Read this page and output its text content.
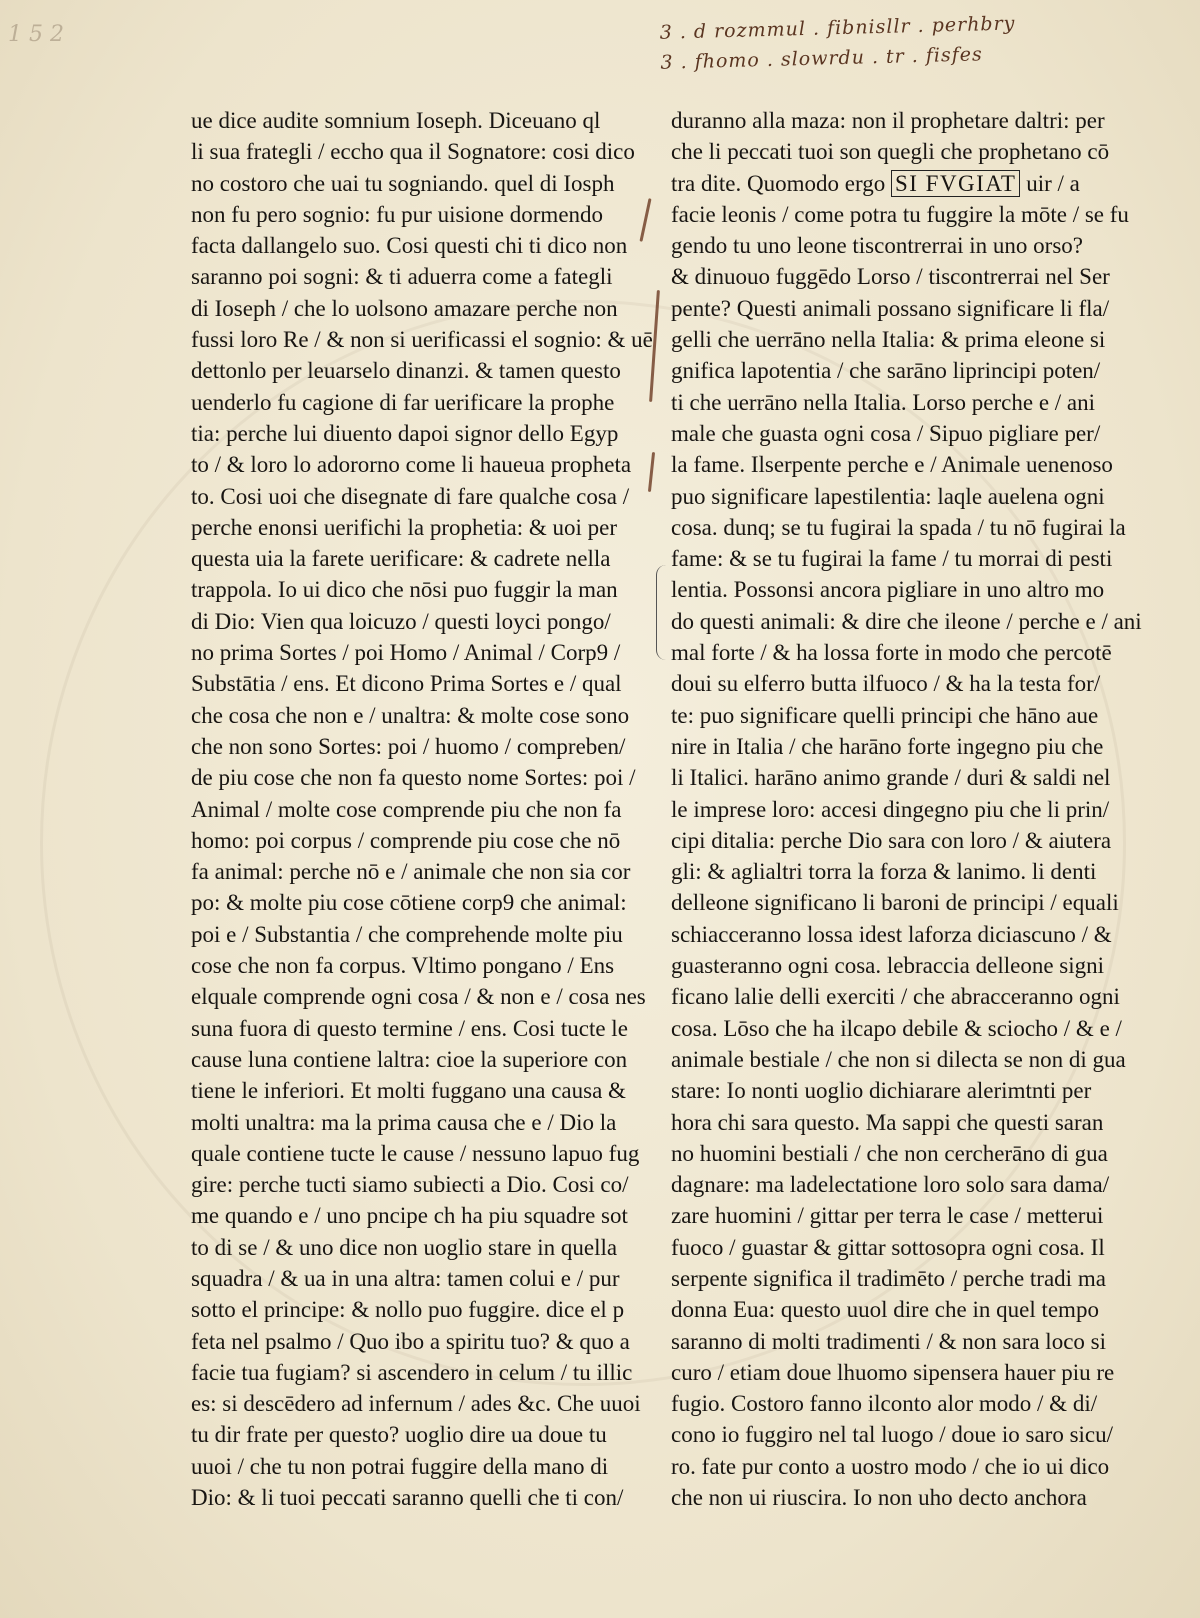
1 5 2	3 . d rozmmul . fibnisllr . perhbry
3 . fhomo . slowrdu . tr . fisfes
ue dice audite somnium Ioseph. Diceuano ql
li sua frategli / eccho qua il Sognatore: cosi dico
no costoro che uai tu sogniando. quel di Iosph
non fu pero sognio: fu pur uisione dormendo
facta dallangelo suo. Cosi questi chi ti dico non
saranno poi sogni: & ti aduerra come a fategli
di Ioseph / che lo uolsono amazare perche non
fussi loro Re / & non si uerificassi el sognio: & uē
dettonlo per leuarselo dinanzi. & tamen questo
uenderlo fu cagione di far uerificare la prophe
tia: perche lui diuento dapoi signor dello Egyp
to / & loro lo adororno come li haueua propheta
to. Cosi uoi che disegnate di fare qualche cosa /
perche enonsi uerifichi la prophetia: & uoi per
questa uia la farete uerificare: & cadrete nella
trappola. Io ui dico che nōsi puo fuggir la man
di Dio: Vien qua loicuzo / questi loyci pongo/
no prima Sortes / poi Homo / Animal / Corp9 /
Substātia / ens. Et dicono Prima Sortes e / qual
che cosa che non e / unaltra: & molte cose sono
che non sono Sortes: poi / huomo / compreben/
de piu cose che non fa questo nome Sortes: poi /
Animal / molte cose comprende piu che non fa
homo: poi corpus / comprende piu cose che nō
fa animal: perche nō e / animale che non sia cor
po: & molte piu cose cōtiene corp9 che animal:
poi e / Substantia / che comprehende molte piu
cose che non fa corpus. Vltimo pongano / Ens
elquale comprende ogni cosa / & non e / cosa nes
suna fuora di questo termine / ens. Cosi tucte le
cause luna contiene laltra: cioe la superiore con
tiene le inferiori. Et molti fuggano una causa &
molti unaltra: ma la prima causa che e / Dio la
quale contiene tucte le cause / nessuno lapuo fug
gire: perche tucti siamo subiecti a Dio. Cosi co/
me quando e / uno pncipe ch ha piu squadre sot
to di se / & uno dice non uoglio stare in quella
squadra / & ua in una altra: tamen colui e / pur
sotto el principe: & nollo puo fuggire. dice el p
feta nel psalmo / Quo ibo a spiritu tuo? & quo a
facie tua fugiam? si ascendero in celum / tu illic
es: si descēdero ad infernum / ades &c. Che uuoi
tu dir frate per questo? uoglio dire ua doue tu
uuoi / che tu non potrai fuggire della mano di
Dio: & li tuoi peccati saranno quelli che ti con/
duranno alla maza: non il prophetare daltri: per
che li peccati tuoi son quegli che prophetano cō
tra dite. Quomodo ergo SI FVGIAT uir / a
facie leonis / come potra tu fuggire la mōte / se fu
gendo tu uno leone tiscontrerrai in uno orso?
& dinuouo fuggēdo Lorso / tiscontrerrai nel Ser
pente? Questi animali possano significare li fla/
gelli che uerrāno nella Italia: & prima eleone si
gnifica lapotentia / che sarāno liprincipi poten/
ti che uerrāno nella Italia. Lorso perche e / ani
male che guasta ogni cosa / Sipuo pigliare per/
la fame. Ilserpente perche e / Animale uenenoso
puo significare lapestilentia: laqle auelena ogni
cosa. dunq; se tu fugirai la spada / tu nō fugirai la
fame: & se tu fugirai la fame / tu morrai di pesti
lentia. Possonsi ancora pigliare in uno altro mo
do questi animali: & dire che ileone / perche e / ani
mal forte / & ha lossa forte in modo che percotē
doui su elferro butta ilfuoco / & ha la testa for/
te: puo significare quelli principi che hāno aue
nire in Italia / che harāno forte ingegno piu che
li Italici. harāno animo grande / duri & saldi nel
le imprese loro: accesi dingegno piu che li prin/
cipi ditalia: perche Dio sara con loro / & aiutera
gli: & aglialtri torra la forza & lanimo. li denti
delleone significano li baroni de principi / equali
schiacceranno lossa idest laforza diciascuno / &
guasteranno ogni cosa. lebraccia delleone signi
ficano lalie delli exerciti / che abracceranno ogni
cosa. Lōso che ha ilcapo debile & sciocho / & e /
animale bestiale / che non si dilecta se non di gua
stare: Io nonti uoglio dichiarare alerimtnti per
hora chi sara questo. Ma sappi che questi saran
no huomini bestiali / che non cercherāno di gua
dagnare: ma ladelectatione loro solo sara dama/
zare huomini / gittar per terra le case / metterui
fuoco / guastar & gittar sottosopra ogni cosa. Il
serpente significa il tradimēto / perche tradi ma
donna Eua: questo uuol dire che in quel tempo
saranno di molti tradimenti / & non sara loco si
curo / etiam doue lhuomo sipensera hauer piu re
fugio. Costoro fanno ilconto alor modo / & di/
cono io fuggiro nel tal luogo / doue io saro sicu/
ro. fate pur conto a uostro modo / che io ui dico
che non ui riuscira. Io non uho decto anchora
